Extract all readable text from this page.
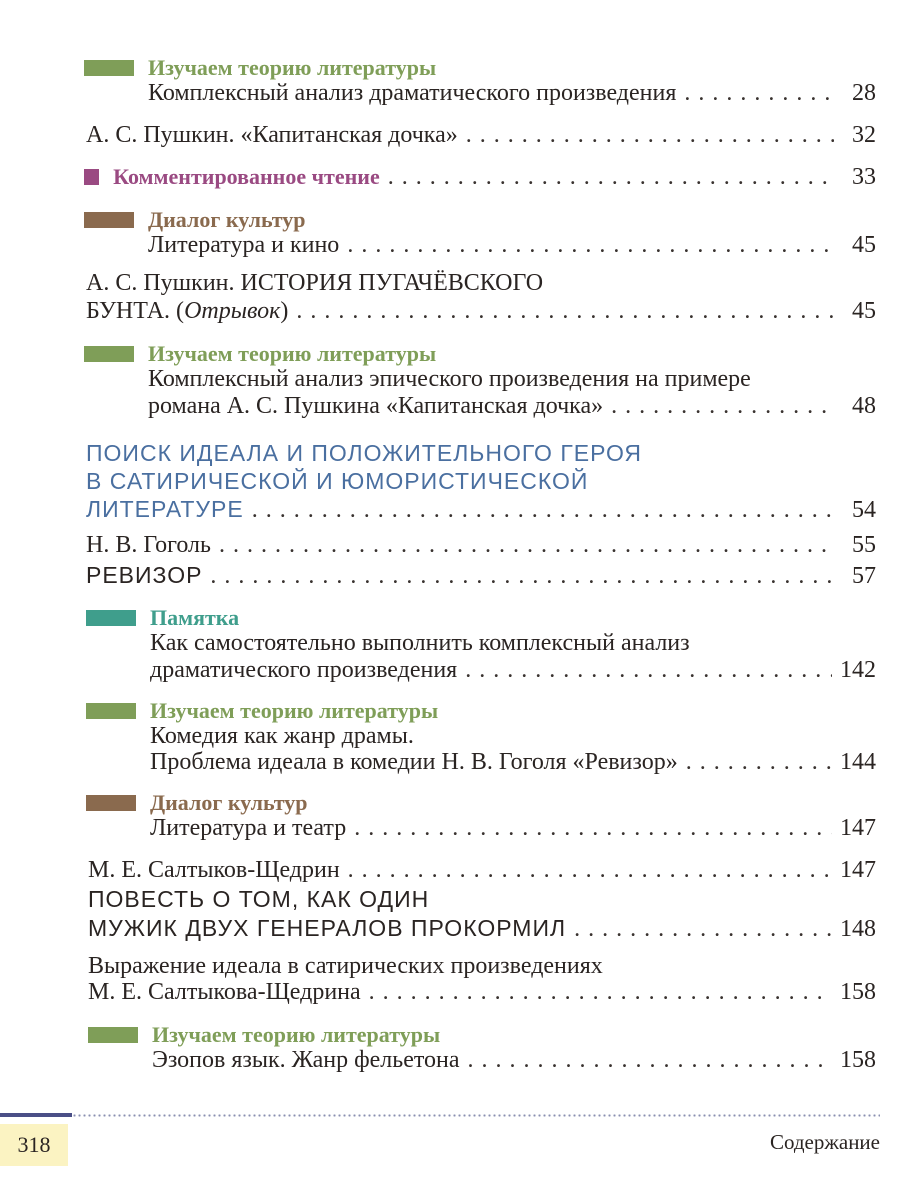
Изучаем теорию литературы
Комплексный анализ драматического произведения . . .	28
А. С. Пушкин. «Капитанская дочка» . . .	32
Комментированное чтение . . .	33
Диалог культур
Литература и кино . . .	45
А. С. Пушкин. ИСТОРИЯ ПУГАЧЁВСКОГО
БУНТА. (Отрывок) . . .	45
Изучаем теорию литературы
Комплексный анализ эпического произведения на примере
романа А. С. Пушкина «Капитанская дочка» . . .	48
ПОИСК ИДЕАЛА И ПОЛОЖИТЕЛЬНОГО ГЕРОЯ
В САТИРИЧЕСКОЙ И ЮМОРИСТИЧЕСКОЙ
ЛИТЕРАТУРЕ . . .	54
Н. В. Гоголь . . .	55
РЕВИЗОР . . .	57
Памятка
Как самостоятельно выполнить комплексный анализ
драматического произведения . . .	142
Изучаем теорию литературы
Комедия как жанр драмы.
Проблема идеала в комедии Н. В. Гоголя «Ревизор» . . .	144
Диалог культур
Литература и театр . . .	147
М. Е. Салтыков-Щедрин . . .	147
ПОВЕСТЬ О ТОМ, КАК ОДИН
МУЖИК ДВУХ ГЕНЕРАЛОВ ПРОКОРМИЛ . . .	148
Выражение идеала в сатирических произведениях
М. Е. Салтыкова-Щедрина . . .	158
Изучаем теорию литературы
Эзопов язык. Жанр фельетона . . .	158
318	Содержание
